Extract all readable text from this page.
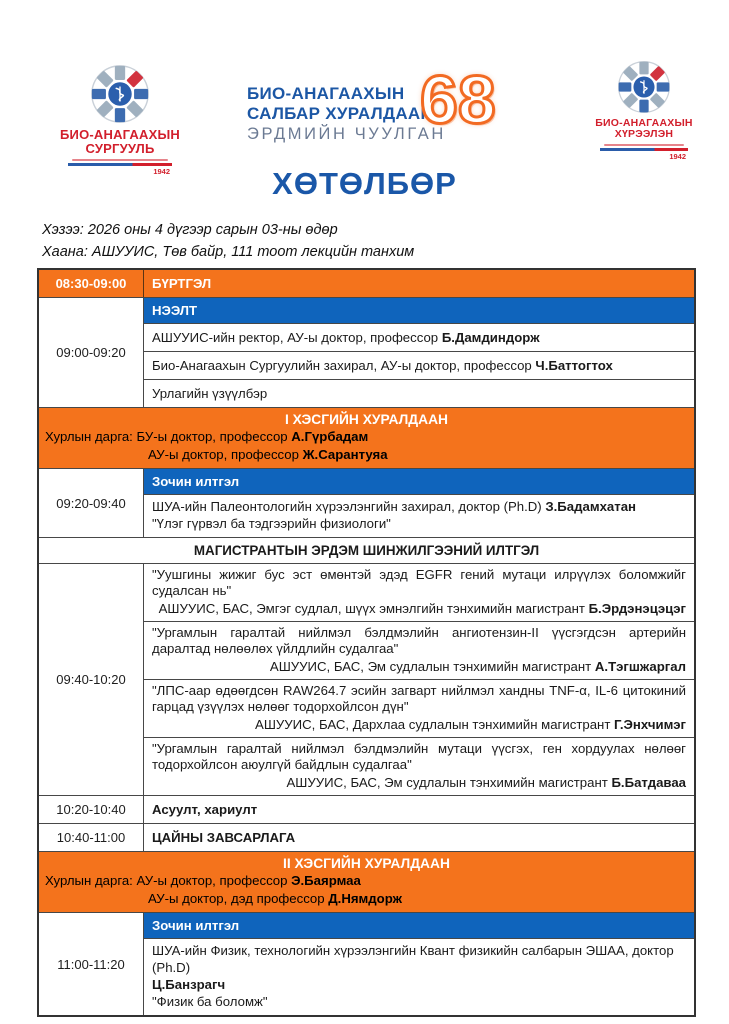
БИО-АНАГААХЫН
СУРГУУЛЬ
1942
БИО-АНАГААХЫН
САЛБАР ХУРАЛДААН
ЭРДМИЙН ЧУУЛГАН
68	БИО-АНАГААХЫН
ХҮРЭЭЛЭН
1942
ХӨТӨЛБӨР
Хэзээ: 2026 оны 4 дүгээр сарын 03-ны өдөр
Хаана: АШУУИС, Төв байр, 111 тоот лекцийн танхим
08:30-09:00	БҮРТГЭЛ
09:00-09:20
НЭЭЛТ
АШУУИС-ийн ректор, АУ-ы доктор, профессор Б.Дамдиндорж
Био-Анагаахын Сургуулийн захирал, АУ-ы доктор, профессор Ч.Баттогтох
Урлагийн үзүүлбэр
I ХЭСГИЙН ХУРАЛДААН
Хурлын дарга: БУ-ы доктор, профессор А.Гүрбадам
АУ-ы доктор, профессор Ж.Сарантуяа
09:20-09:40
Зочин илтгэл
ШУА-ийн Палеонтологийн хүрээлэнгийн захирал, доктор (Ph.D) З.Бадамхатан
"Үлэг гүрвэл ба тэдгээрийн физиологи"
МАГИСТРАНТЫН ЭРДЭМ ШИНЖИЛГЭЭНИЙ ИЛТГЭЛ
09:40-10:20
"Уушгины жижиг бус эст өмөнтэй эдэд EGFR гений мутаци илрүүлэх боломжийг судалсан нь"
АШУУИС, БАС, Эмгэг судлал, шүүх эмнэлгийн тэнхимийн магистрант Б.Эрдэнэцэцэг
"Ургамлын гаралтай нийлмэл бэлдмэлийн ангиотензин-II үүсгэгдсэн артерийн даралтад нөлөөлөх үйлдлийн судалгаа"
АШУУИС, БАС, Эм судлалын тэнхимийн магистрант А.Тэгшжаргал
"ЛПС-аар өдөөгдсөн RAW264.7 эсийн загварт нийлмэл хандны TNF-α, IL-6 цитокиний гарцад үзүүлэх нөлөөг тодорхойлсон дүн"
АШУУИС, БАС, Дархлаа судлалын тэнхимийн магистрант Г.Энхчимэг
"Ургамлын гаралтай нийлмэл бэлдмэлийн мутаци үүсгэх, ген хордуулах нөлөөг тодорхойлсон аюулгүй байдлын судалгаа"
АШУУИС, БАС, Эм судлалын тэнхимийн магистрант Б.Батдаваа
10:20-10:40	Асуулт, хариулт
10:40-11:00	ЦАЙНЫ ЗАВСАРЛАГА
II ХЭСГИЙН ХУРАЛДААН
Хурлын дарга: АУ-ы доктор, профессор Э.Баярмаа
АУ-ы доктор, дэд профессор Д.Нямдорж
11:00-11:20
Зочин илтгэл
ШУА-ийн Физик, технологийн хүрээлэнгийн Квант физикийн салбарын ЭШАА, доктор (Ph.D)
Ц.Банзрагч
"Физик ба боломж"
